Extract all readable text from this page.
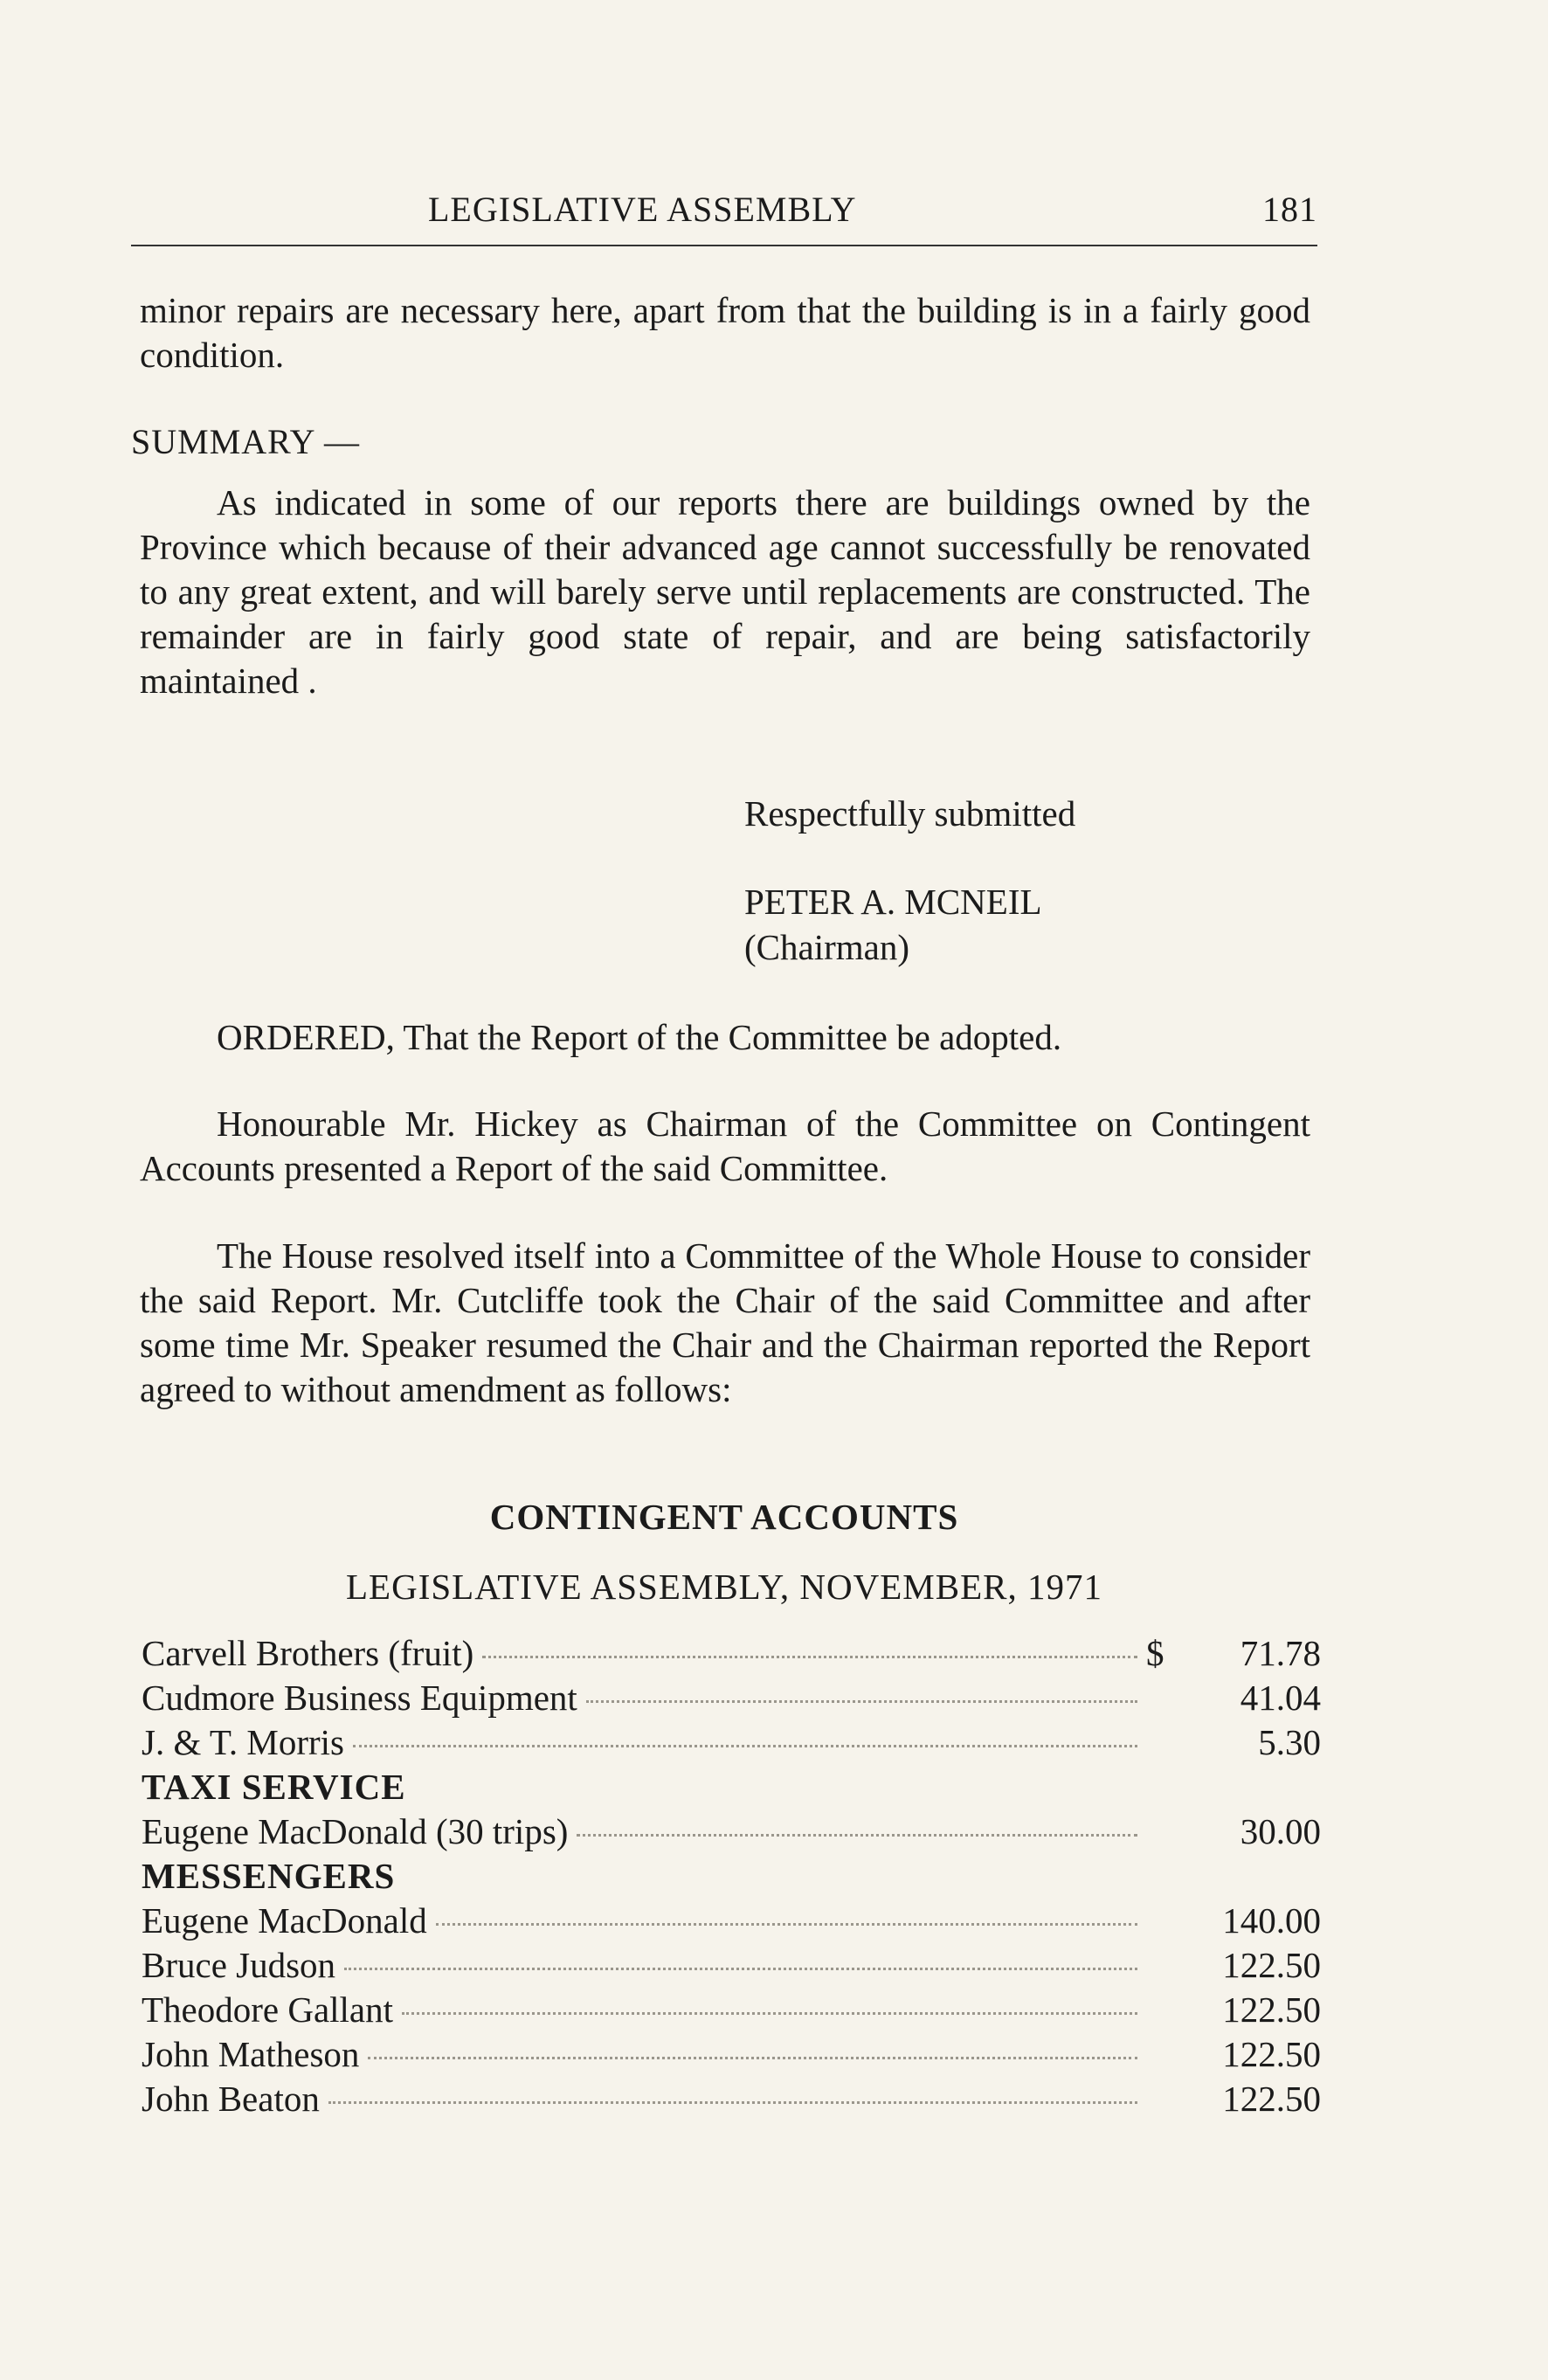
LEGISLATIVE ASSEMBLY	181
minor repairs are necessary here, apart from that the building is in a fairly good condition.
SUMMARY —
As indicated in some of our reports there are buildings owned by the Province which because of their advanced age cannot successfully be renovated to any great extent, and will barely serve until replacements are constructed. The remainder are in fairly good state of repair, and are being satisfactorily maintained .
Respectfully submitted
PETER A. MCNEIL
(Chairman)
ORDERED, That the Report of the Committee be adopted.
Honourable Mr. Hickey as Chairman of the Committee on Contingent Accounts presented a Report of the said Committee.
The House resolved itself into a Committee of the Whole House to consider the said Report. Mr. Cutcliffe took the Chair of the said Committee and after some time Mr. Speaker resumed the Chair and the Chairman reported the Report agreed to without amendment as follows:
CONTINGENT ACCOUNTS
LEGISLATIVE ASSEMBLY, NOVEMBER, 1971
Carvell Brothers (fruit)	$	71.78
Cudmore Business Equipment	41.04
J. & T. Morris	5.30
TAXI SERVICE
Eugene MacDonald (30 trips)	30.00
MESSENGERS
Eugene MacDonald	140.00
Bruce Judson	122.50
Theodore Gallant	122.50
John Matheson	122.50
John Beaton	122.50
